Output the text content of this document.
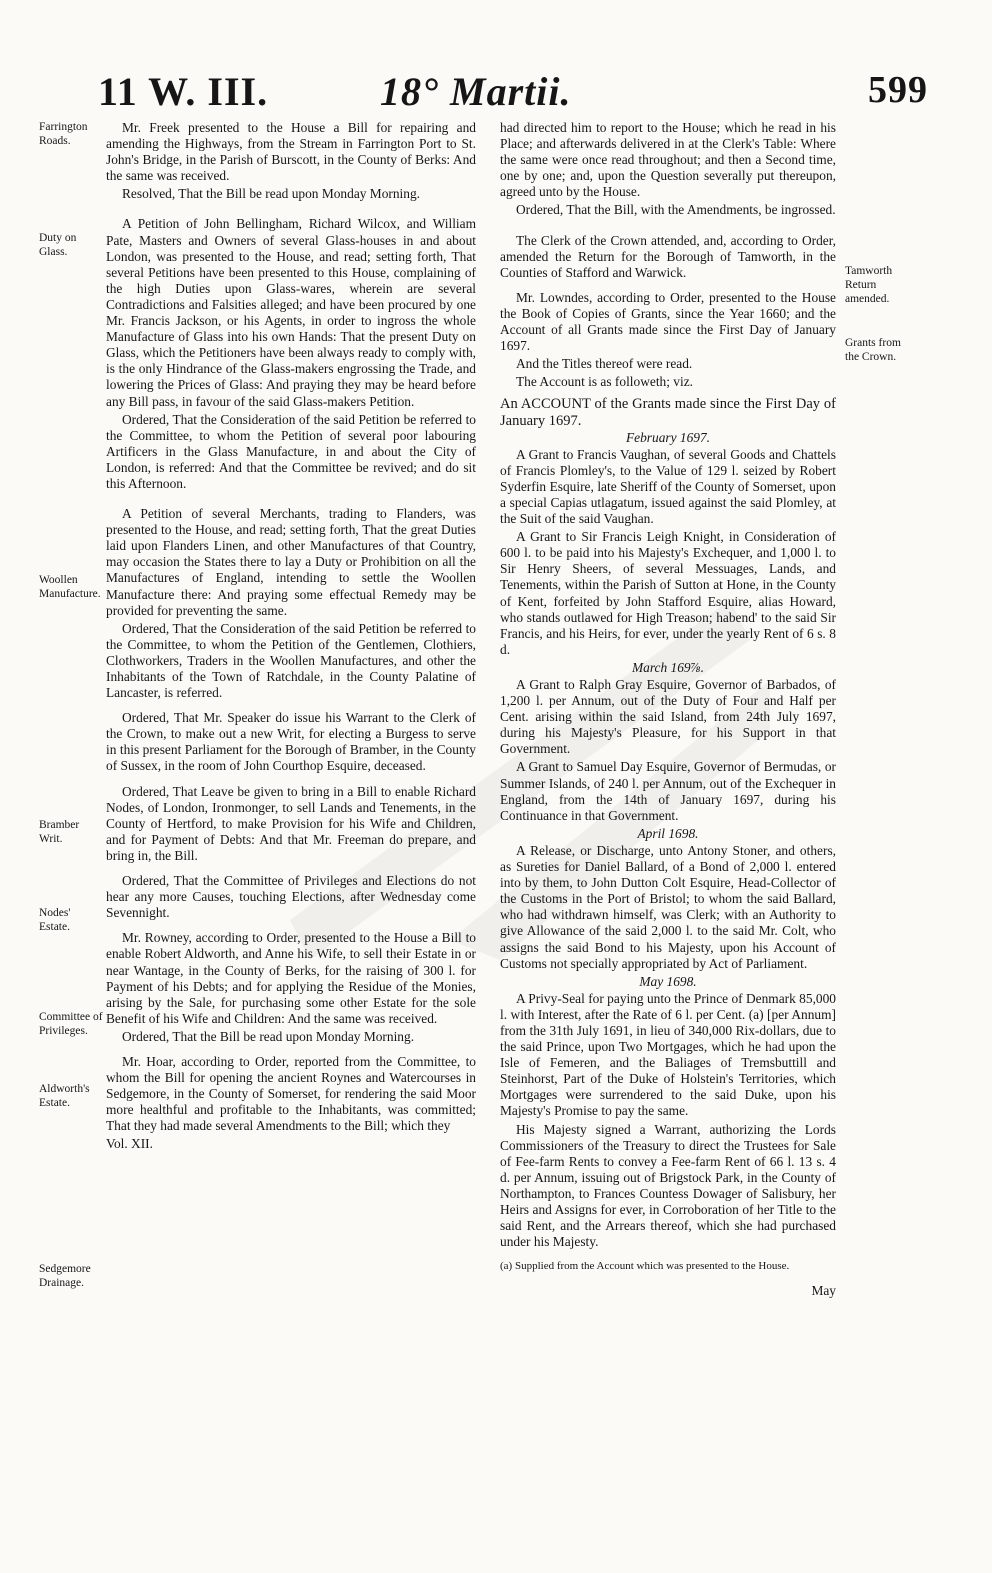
11 W. III.	18° Martii.	599
Farrington Roads.
Duty on Glass.
Woollen Manufacture.
Bramber Writ.
Nodes' Estate.
Committee of Privileges.
Aldworth's Estate.
Sedgemore Drainage.
Tamworth Return amended.
Grants from the Crown.

Mr. Freek presented to the House a Bill for repairing and amending the Highways, from the Stream in Farrington Port to St. John's Bridge, in the Parish of Burscott, in the County of Berks: And the same was received.

Resolved, That the Bill be read upon Monday Morning.

A Petition of John Bellingham, Richard Wilcox, and William Pate, Masters and Owners of several Glass-houses in and about London, was presented to the House, and read; setting forth, That several Petitions have been presented to this House, complaining of the high Duties upon Glass-wares, wherein are several Contradictions and Falsities alleged; and have been procured by one Mr. Francis Jackson, or his Agents, in order to ingross the whole Manufacture of Glass into his own Hands: That the present Duty on Glass, which the Petitioners have been always ready to comply with, is the only Hindrance of the Glass-makers engrossing the Trade, and lowering the Prices of Glass: And praying they may be heard before any Bill pass, in favour of the said Glass-makers Petition.

Ordered, That the Consideration of the said Petition be referred to the Committee, to whom the Petition of several poor labouring Artificers in the Glass Manufacture, in and about the City of London, is referred: And that the Committee be revived; and do sit this Afternoon.

A Petition of several Merchants, trading to Flanders, was presented to the House, and read; setting forth, That the great Duties laid upon Flanders Linen, and other Manufactures of that Country, may occasion the States there to lay a Duty or Prohibition on all the Manufactures of England, intending to settle the Woollen Manufacture there: And praying some effectual Remedy may be provided for preventing the same.

Ordered, That the Consideration of the said Petition be referred to the Committee, to whom the Petition of the Gentlemen, Clothiers, Clothworkers, Traders in the Woollen Manufactures, and other the Inhabitants of the Town of Ratchdale, in the County Palatine of Lancaster, is referred.

Ordered, That Mr. Speaker do issue his Warrant to the Clerk of the Crown, to make out a new Writ, for electing a Burgess to serve in this present Parliament for the Borough of Bramber, in the County of Sussex, in the room of John Courthop Esquire, deceased.

Ordered, That Leave be given to bring in a Bill to enable Richard Nodes, of London, Ironmonger, to sell Lands and Tenements, in the County of Hertford, to make Provision for his Wife and Children, and for Payment of Debts: And that Mr. Freeman do prepare, and bring in, the Bill.

Ordered, That the Committee of Privileges and Elections do not hear any more Causes, touching Elections, after Wednesday come Sevennight.

Mr. Rowney, according to Order, presented to the House a Bill to enable Robert Aldworth, and Anne his Wife, to sell their Estate in or near Wantage, in the County of Berks, for the raising of 300 l. for Payment of his Debts; and for applying the Residue of the Monies, arising by the Sale, for purchasing some other Estate for the sole Benefit of his Wife and Children: And the same was received.

Ordered, That the Bill be read upon Monday Morning.

Mr. Hoar, according to Order, reported from the Committee, to whom the Bill for opening the ancient Roynes and Watercourses in Sedgemore, in the County of Somerset, for rendering the said Moor more healthful and profitable to the Inhabitants, was committed; That they had made several Amendments to the Bill; which they

Vol. XII.

had directed him to report to the House; which he read in his Place; and afterwards delivered in at the Clerk's Table: Where the same were once read throughout; and then a Second time, one by one; and, upon the Question severally put thereupon, agreed unto by the House.

Ordered, That the Bill, with the Amendments, be ingrossed.

The Clerk of the Crown attended, and, according to Order, amended the Return for the Borough of Tamworth, in the Counties of Stafford and Warwick.

Mr. Lowndes, according to Order, presented to the House the Book of Copies of Grants, since the Year 1660; and the Account of all Grants made since the First Day of January 1697.

And the Titles thereof were read.

The Account is as followeth; viz.

An ACCOUNT of the Grants made since the First Day of January 1697.

February 1697.

A Grant to Francis Vaughan, of several Goods and Chattels of Francis Plomley's, to the Value of 129 l. seized by Robert Syderfin Esquire, late Sheriff of the County of Somerset, upon a special Capias utlagatum, issued against the said Plomley, at the Suit of the said Vaughan.

A Grant to Sir Francis Leigh Knight, in Consideration of 600 l. to be paid into his Majesty's Exchequer, and 1,000 l. to Sir Henry Sheers, of several Messuages, Lands, and Tenements, within the Parish of Sutton at Hone, in the County of Kent, forfeited by John Stafford Esquire, alias Howard, who stands outlawed for High Treason; habend' to the said Sir Francis, and his Heirs, for ever, under the yearly Rent of 6 s. 8 d.

March 169⅞.

A Grant to Ralph Gray Esquire, Governor of Barbados, of 1,200 l. per Annum, out of the Duty of Four and Half per Cent. arising within the said Island, from 24th July 1697, during his Majesty's Pleasure, for his Support in that Government.

A Grant to Samuel Day Esquire, Governor of Bermudas, or Summer Islands, of 240 l. per Annum, out of the Exchequer in England, from the 14th of January 1697, during his Continuance in that Government.

April 1698.

A Release, or Discharge, unto Antony Stoner, and others, as Sureties for Daniel Ballard, of a Bond of 2,000 l. entered into by them, to John Dutton Colt Esquire, Head-Collector of the Customs in the Port of Bristol; to whom the said Ballard, who had withdrawn himself, was Clerk; with an Authority to give Allowance of the said 2,000 l. to the said Mr. Colt, who assigns the said Bond to his Majesty, upon his Account of Customs not specially appropriated by Act of Parliament.

May 1698.

A Privy-Seal for paying unto the Prince of Denmark 85,000 l. with Interest, after the Rate of 6 l. per Cent. (a) [per Annum] from the 31th July 1691, in lieu of 340,000 Rix-dollars, due to the said Prince, upon Two Mortgages, which he had upon the Isle of Femeren, and the Baliages of Tremsbuttill and Steinhorst, Part of the Duke of Holstein's Territories, which Mortgages were surrendered to the said Duke, upon his Majesty's Promise to pay the same.

His Majesty signed a Warrant, authorizing the Lords Commissioners of the Treasury to direct the Trustees for Sale of Fee-farm Rents to convey a Fee-farm Rent of 66 l. 13 s. 4 d. per Annum, issuing out of Brigstock Park, in the County of Northampton, to Frances Countess Dowager of Salisbury, her Heirs and Assigns for ever, in Corroboration of her Title to the said Rent, and the Arrears thereof, which she had purchased under his Majesty.

(a) Supplied from the Account which was presented to the House.

May
